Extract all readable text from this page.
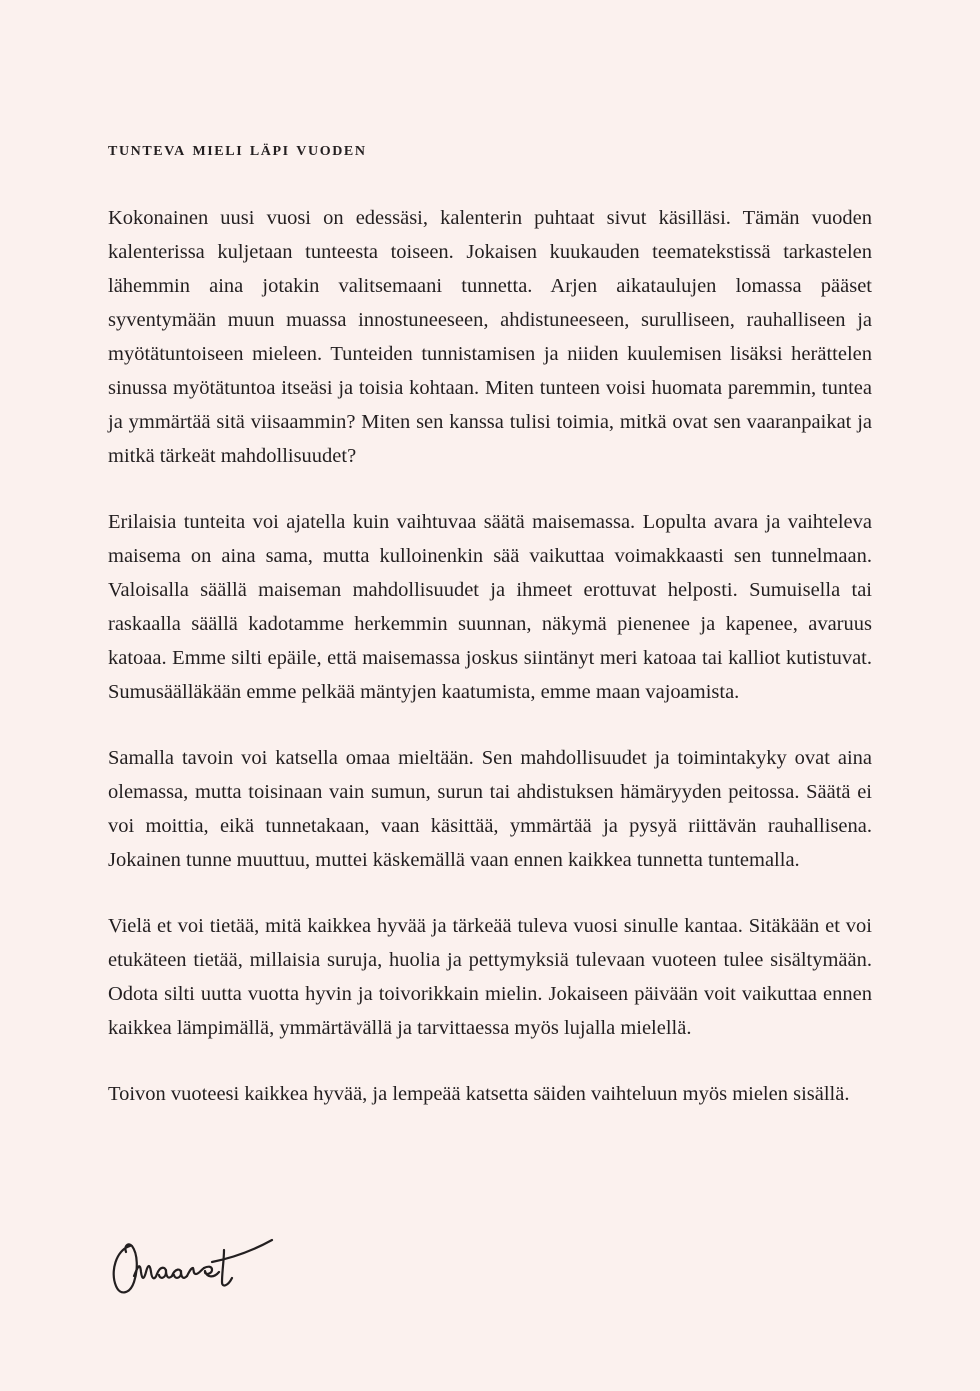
tunteva mieli läpi vuoden

Kokonainen uusi vuosi on edessäsi, kalenterin puhtaat sivut käsilläsi. Tämän vuoden kalenterissa kuljetaan tunteesta toiseen. Jokaisen kuukauden teematekstissä tarkastelen lähemmin aina jotakin valitsemaani tunnetta. Arjen aikataulujen lomassa pääset syventymään muun muassa innostuneeseen, ahdistuneeseen, surulliseen, rauhalliseen ja myötätuntoiseen mieleen. Tunteiden tunnistamisen ja niiden kuulemisen lisäksi herättelen sinussa myötätuntoa itseäsi ja toisia kohtaan. Miten tunteen voisi huomata paremmin, tuntea ja ymmärtää sitä viisaammin? Miten sen kanssa tulisi toimia, mitkä ovat sen vaaranpaikat ja mitkä tärkeät mahdollisuudet?

Erilaisia tunteita voi ajatella kuin vaihtuvaa säätä maisemassa. Lopulta avara ja vaihteleva maisema on aina sama, mutta kulloinenkin sää vaikuttaa voimakkaasti sen tunnelmaan. Valoisalla säällä maiseman mahdollisuudet ja ihmeet erottuvat helposti. Sumuisella tai raskaalla säällä kadotamme herkemmin suunnan, näkymä pienenee ja kapenee, avaruus katoaa. Emme silti epäile, että maisemassa joskus siintänyt meri katoaa tai kalliot kutistuvat. Sumusäälläkään emme pelkää mäntyjen kaatumista, emme maan vajoamista.

Samalla tavoin voi katsella omaa mieltään. Sen mahdollisuudet ja toimintakyky ovat aina olemassa, mutta toisinaan vain sumun, surun tai ahdistuksen hämäryyden peitossa. Säätä ei voi moittia, eikä tunnetakaan, vaan käsittää, ymmärtää ja pysyä riittävän rauhallisena. Jokainen tunne muuttuu, muttei käskemällä vaan ennen kaikkea tunnetta tuntemalla.

Vielä et voi tietää, mitä kaikkea hyvää ja tärkeää tuleva vuosi sinulle kantaa. Sitäkään et voi etukäteen tietää, millaisia suruja, huolia ja pettymyksiä tulevaan vuoteen tulee sisältymään. Odota silti uutta vuotta hyvin ja toivorikkain mielin. Jokaiseen päivään voit vaikuttaa ennen kaikkea lämpimällä, ymmärtävällä ja tarvittaessa myös lujalla mielellä.

Toivon vuoteesi kaikkea hyvää, ja lempeää katsetta säiden vaihteluun myös mielen sisällä.
